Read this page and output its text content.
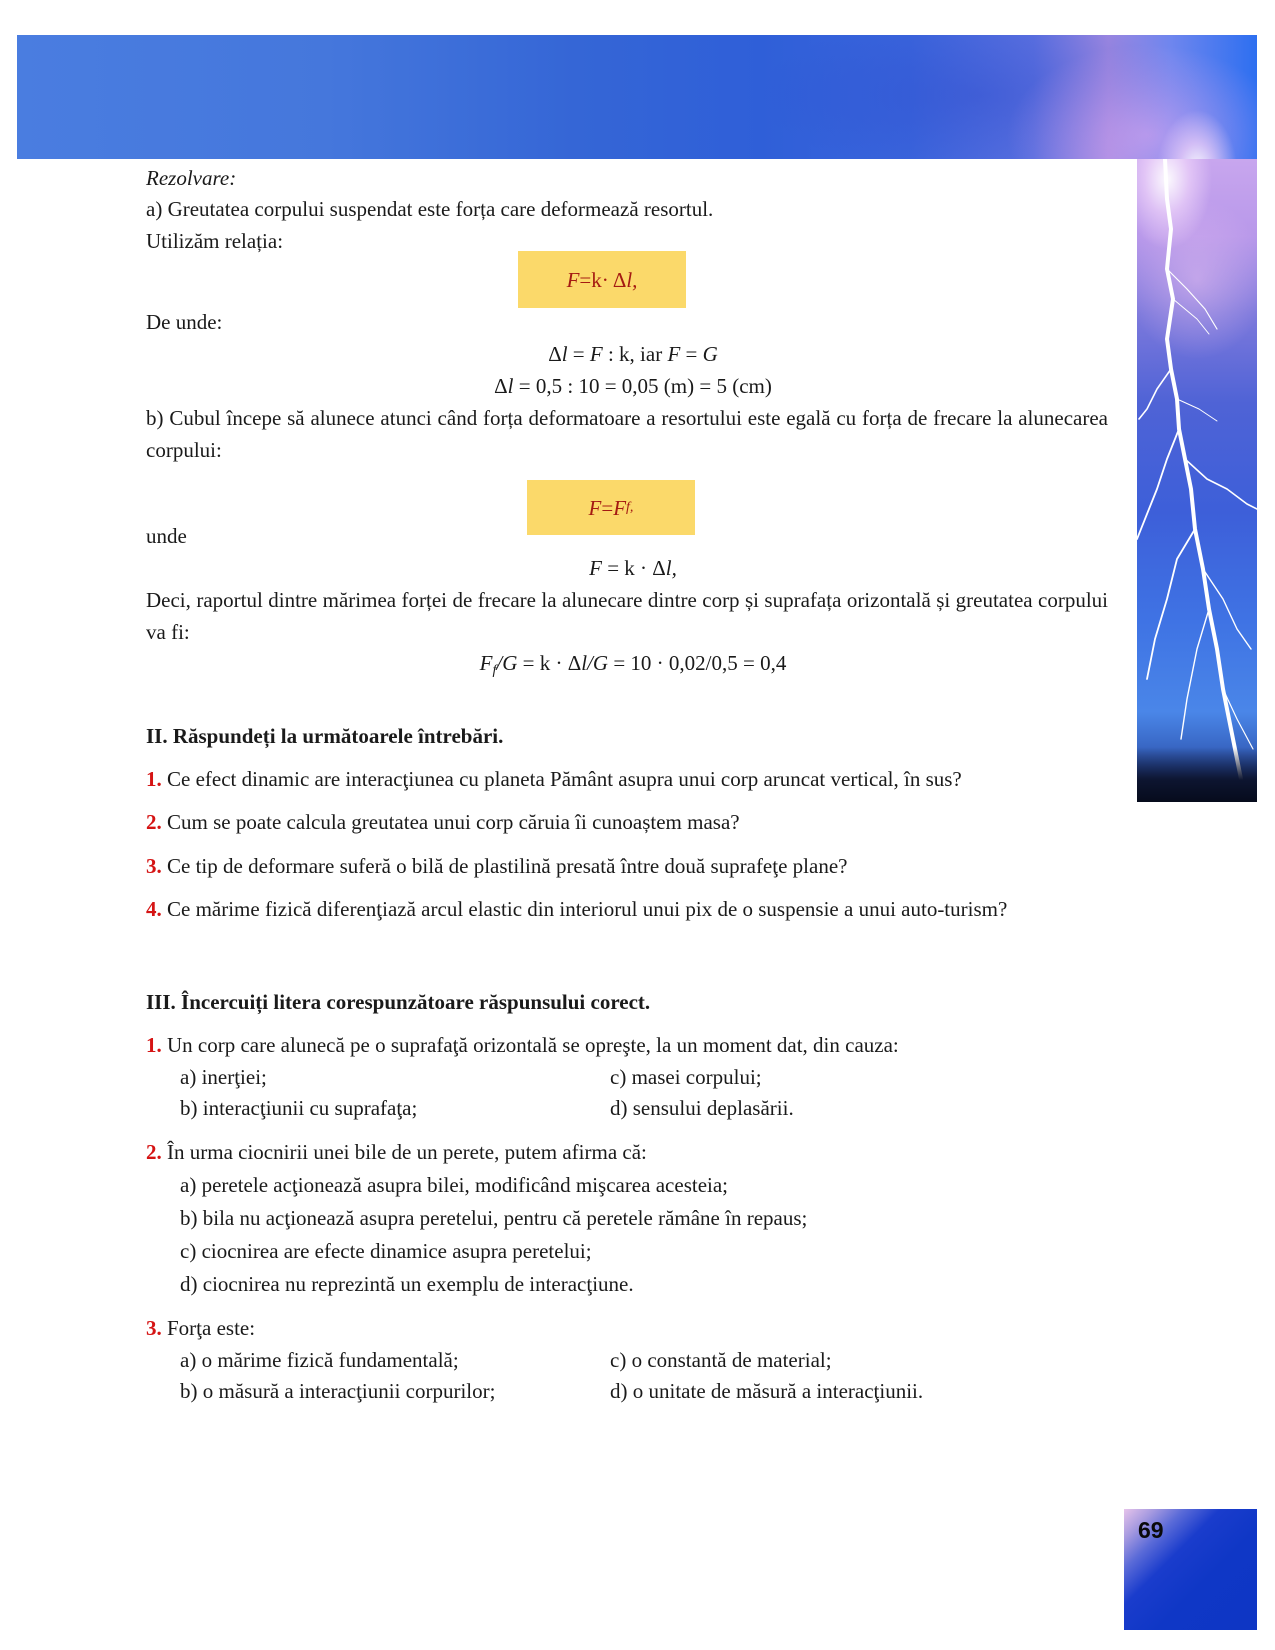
Rezolvare:
a) Greutatea corpului suspendat este forța care deformează resortul.
Utilizăm relația:
F = k · Δ l,
De unde:
Δl = F : k, iar F = G
Δl = 0,5 : 10 = 0,05 (m) = 5 (cm)
b) Cubul începe să alunece atunci când forța deformatoare a resortului este egală cu forța de frecare la alunecarea corpului:
F = F f,
unde
F = k · Δl,
Deci, raportul dintre mărimea forței de frecare la alunecare dintre corp și suprafața orizontală și greutatea corpului va fi:
$F_f/G = k \cdot \Delta l/G = 10 \cdot 0,02/0,5 = 0,4$
II. Răspundeți la următoarele întrebări.
1. Ce efect dinamic are interacţiunea cu planeta Pământ asupra unui corp aruncat vertical, în sus?
2. Cum se poate calcula greutatea unui corp căruia îi cunoaștem masa?
3. Ce tip de deformare suferă o bilă de plastilină presată între două suprafeţe plane?
4. Ce mărime fizică diferenţiază arcul elastic din interiorul unui pix de o suspensie a unui auto-turism?
III. Încercuiți litera corespunzătoare răspunsului corect.
1. Un corp care alunecă pe o suprafaţă orizontală se opreşte, la un moment dat, din cauza:
a) inerţiei;	c) masei corpului;
b) interacţiunii cu suprafaţa;	d) sensului deplasării.
2. În urma ciocnirii unei bile de un perete, putem afirma că:
a) peretele acţionează asupra bilei, modificând mişcarea acesteia;
b) bila nu acţionează asupra peretelui, pentru că peretele rămâne în repaus;
c) ciocnirea are efecte dinamice asupra peretelui;
d) ciocnirea nu reprezintă un exemplu de interacţiune.
3. Forţa este:
a) o mărime fizică fundamentală;	c) o constantă de material;
b) o măsură a interacţiunii corpurilor;	d) o unitate de măsură a interacţiunii.
69
